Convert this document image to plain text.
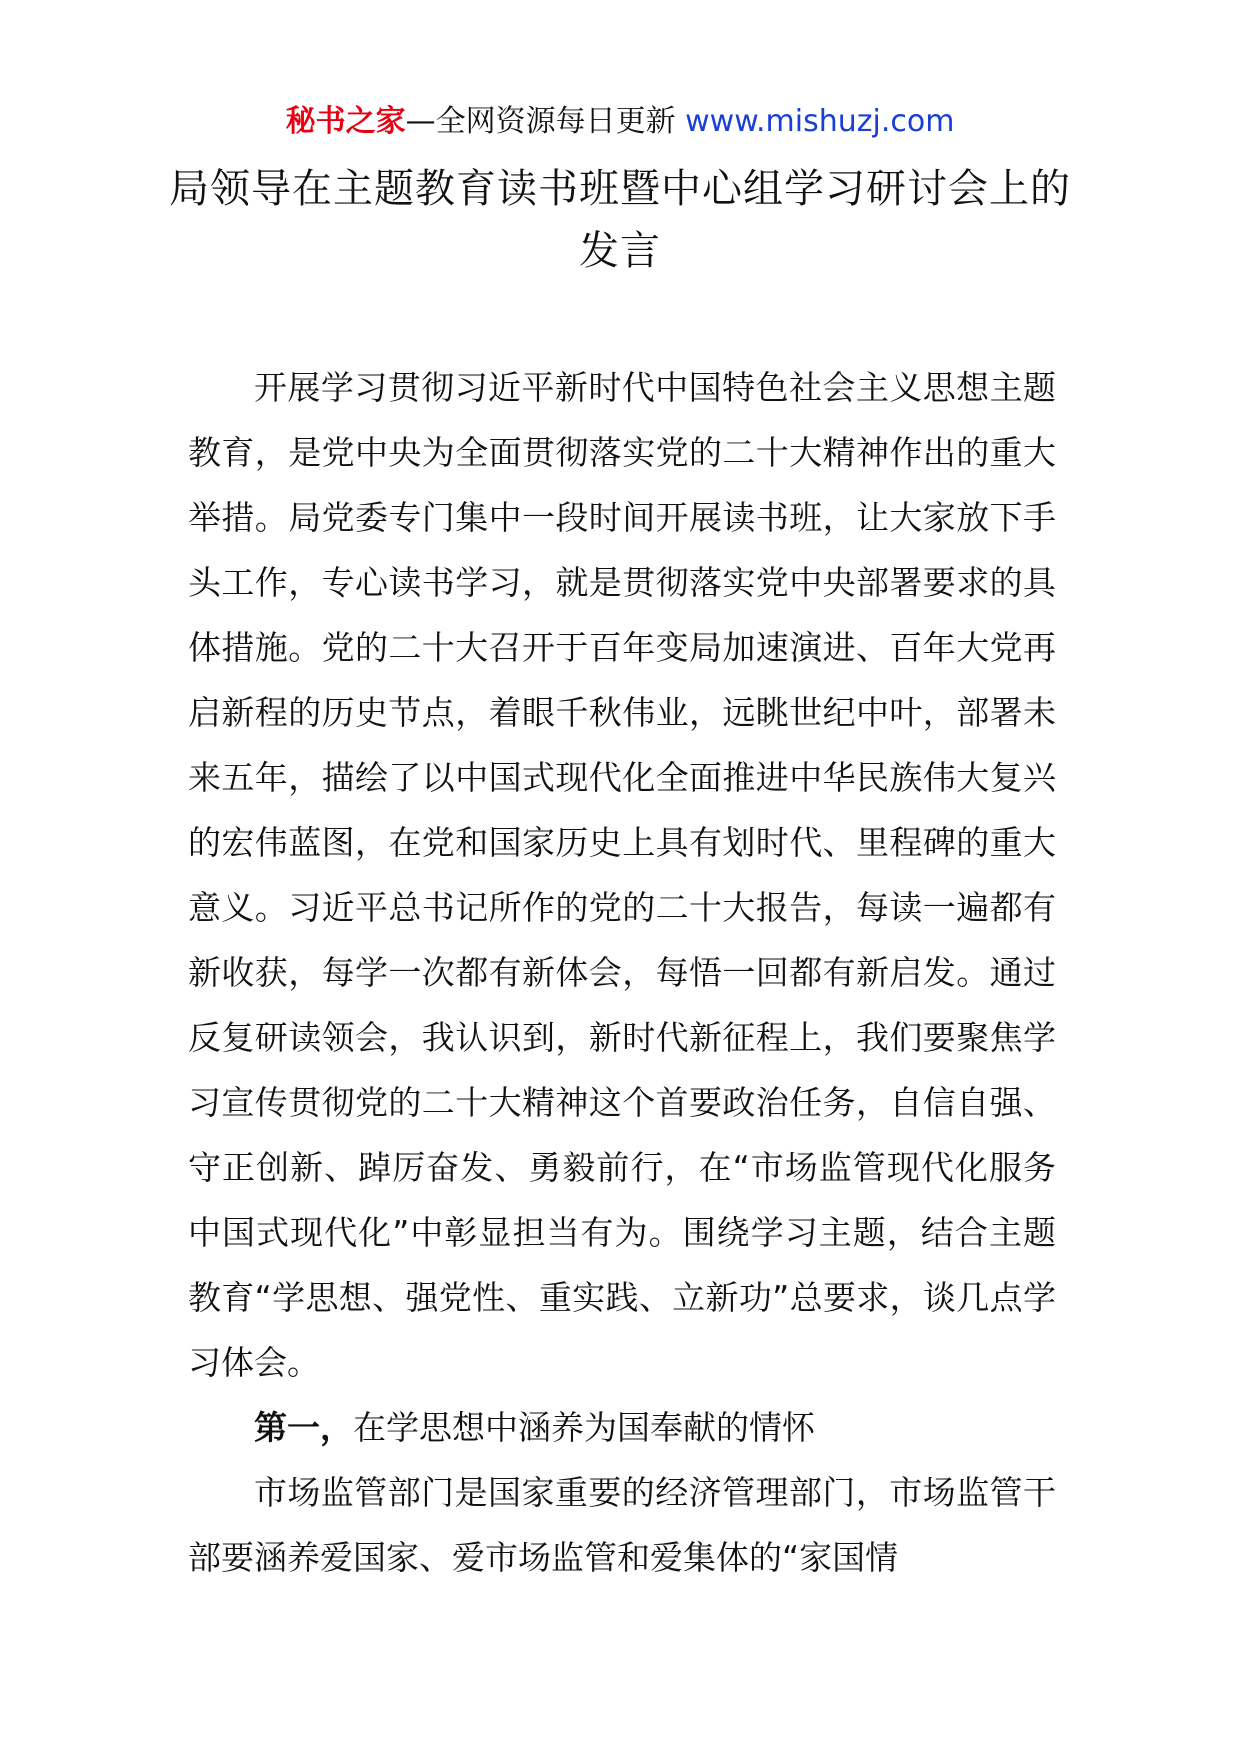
秘书之家—全网资源每日更新 www.mishuzj.com
局领导在主题教育读书班暨中心组学习研讨会上的发言

开展学习贯彻习近平新时代中国特色社会主义思想主题教育，是党中央为全面贯彻落实党的二十大精神作出的重大举措。局党委专门集中一段时间开展读书班，让大家放下手头工作，专心读书学习，就是贯彻落实党中央部署要求的具体措施。党的二十大召开于百年变局加速演进、百年大党再启新程的历史节点，着眼千秋伟业，远眺世纪中叶，部署未来五年，描绘了以中国式现代化全面推进中华民族伟大复兴的宏伟蓝图，在党和国家历史上具有划时代、里程碑的重大意义。习近平总书记所作的党的二十大报告，每读一遍都有新收获，每学一次都有新体会，每悟一回都有新启发。通过反复研读领会，我认识到，新时代新征程上，我们要聚焦学习宣传贯彻党的二十大精神这个首要政治任务，自信自强、守正创新、踔厉奋发、勇毅前行，在“市场监管现代化服务中国式现代化”中彰显担当有为。围绕学习主题，结合主题教育“学思想、强党性、重实践、立新功”总要求，谈几点学习体会。

第一，在学思想中涵养为国奉献的情怀

市场监管部门是国家重要的经济管理部门，市场监管干部要涵养爱国家、爱市场监管和爱集体的“家国情
